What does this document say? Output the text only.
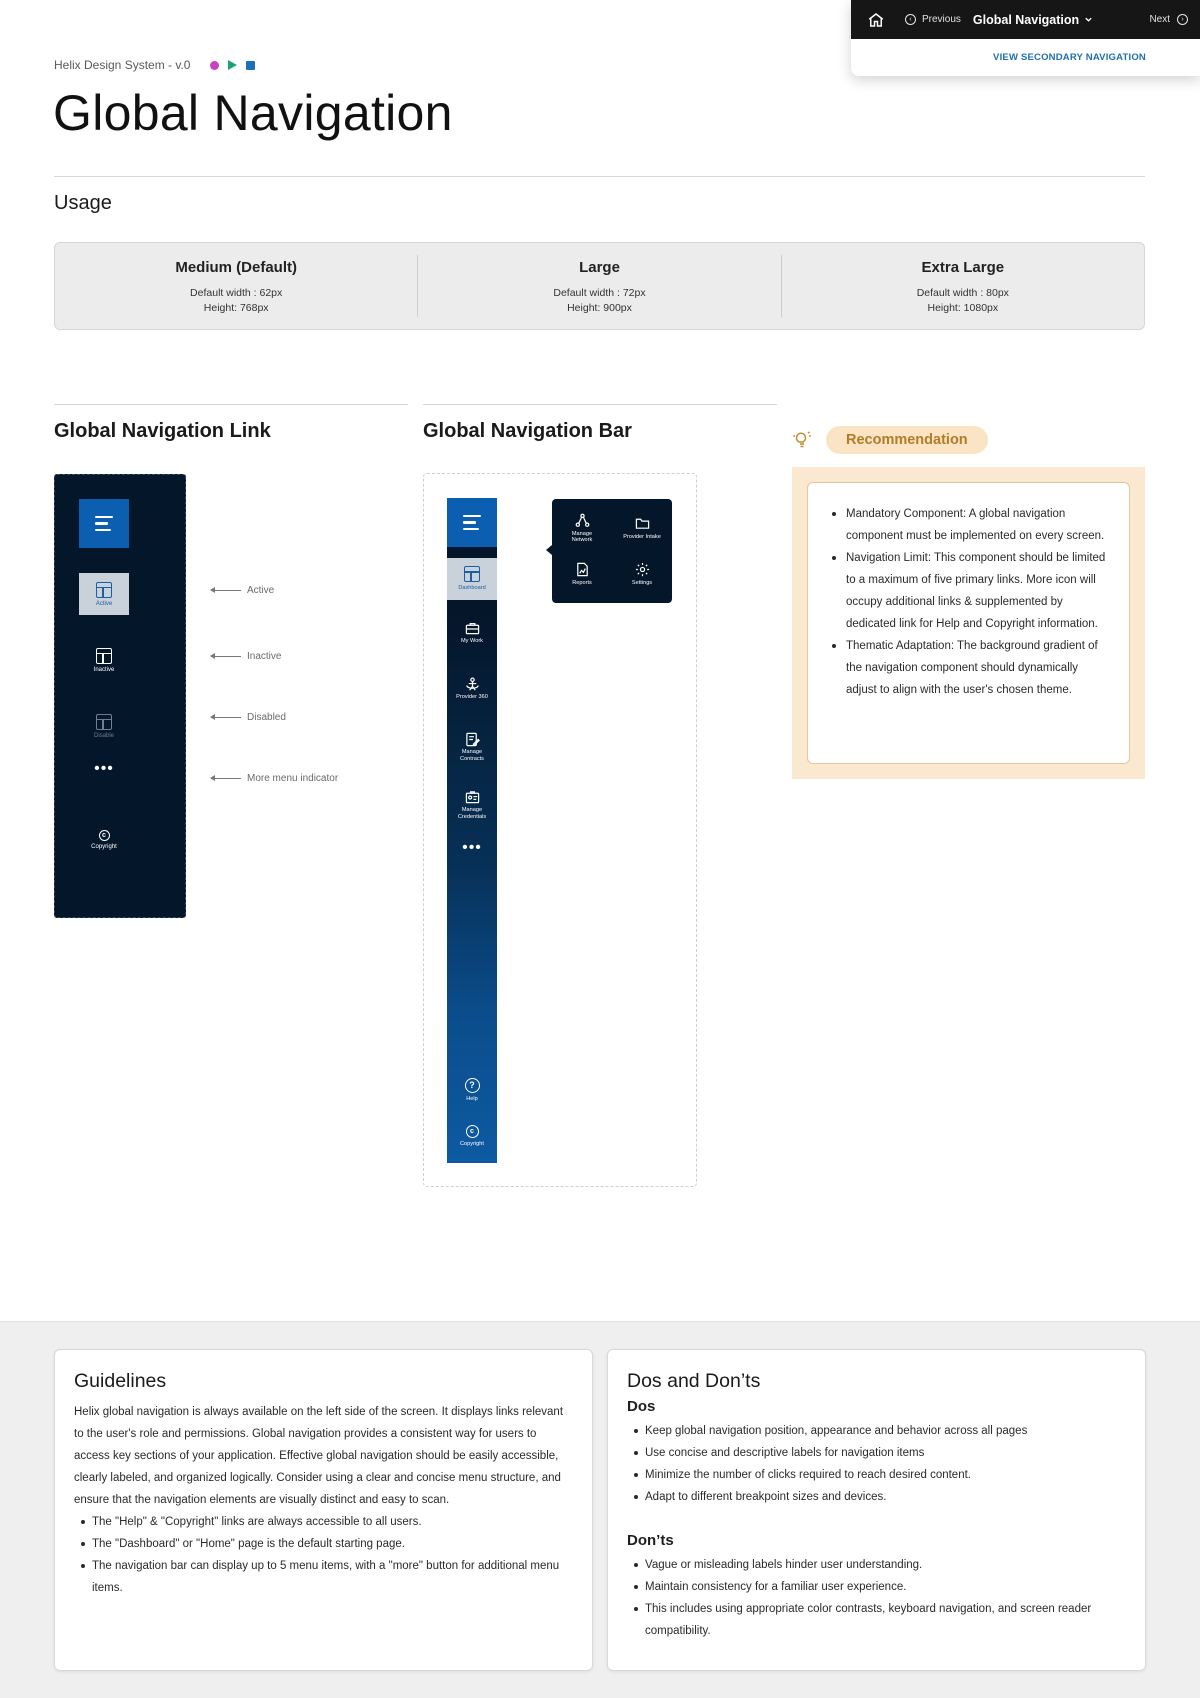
‹	Previous Global Navigation	Next	›
VIEW SECONDARY NAVIGATION
Helix Design System - v.0
Global Navigation
Usage
Medium (Default)
Default width : 62px
Height: 768px
Large
Default width : 72px
Height: 900px
Extra Large
Default width : 80px
Height: 1080px
Global Navigation Link	Global Navigation Bar
Active
Inactive
Disable
•••
c
Copyright
Active
Inactive
Disabled
More menu indicator
Dashboard
My Work
Provider 360
Manage Contracts
Manage Credentials
•••
?
Help
c
Copyright
Manage Network
Provider Intake
Reports	Settings
Recommendation
Mandatory Component: A global navigation component must be implemented on every screen.
Navigation Limit: This component should be limited to a maximum of five primary links. More icon will occupy additional links & supplemented by dedicated link for Help and Copyright information.
Thematic Adaptation: The background gradient of the navigation component should dynamically adjust to align with the user's chosen theme.
Guidelines

Helix global navigation is always available on the left side of the screen. It displays links relevant to the user's role and permissions. Global navigation provides a consistent way for users to access key sections of your application. Effective global navigation should be easily accessible, clearly labeled, and organized logically. Consider using a clear and concise menu structure, and ensure that the navigation elements are visually distinct and easy to scan.

The "Help" & "Copyright" links are always accessible to all users.
The "Dashboard" or "Home" page is the default starting page.
The navigation bar can display up to 5 menu items, with a "more" button for additional menu items.
Dos and Don’ts
Dos
Keep global navigation position, appearance and behavior across all pages
Use concise and descriptive labels for navigation items
Minimize the number of clicks required to reach desired content.
Adapt to different breakpoint sizes and devices.
Don’ts
Vague or misleading labels hinder user understanding.
Maintain consistency for a familiar user experience.
This includes using appropriate color contrasts, keyboard navigation, and screen reader compatibility.
